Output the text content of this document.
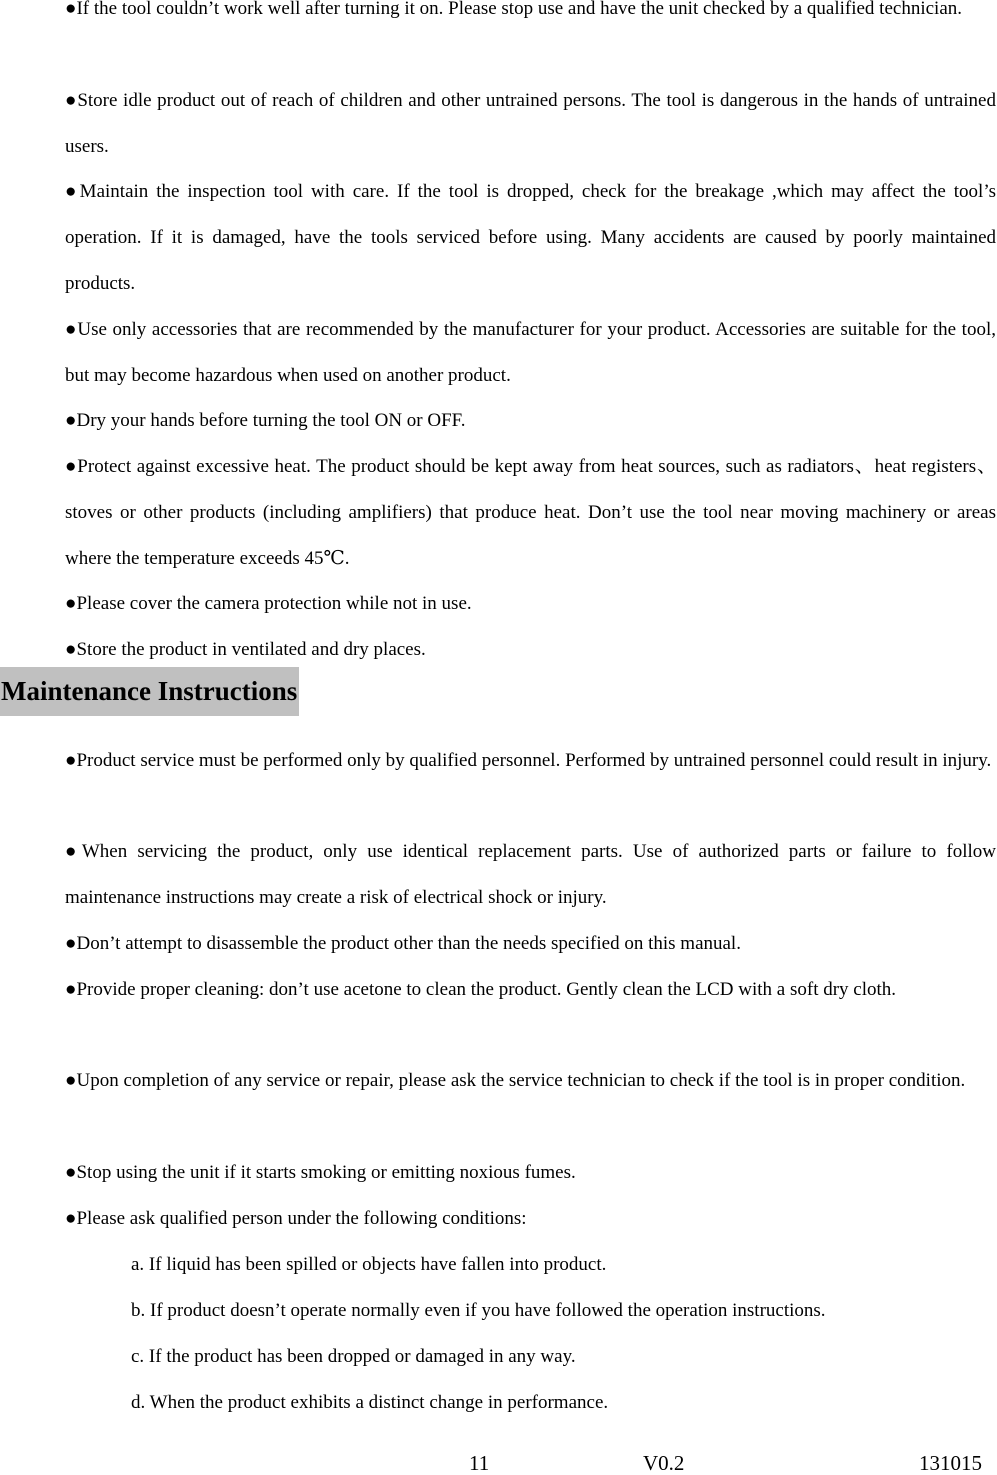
●If the tool couldn’t work well after turning it on. Please stop use and have the unit checked by a qualified technician.

●Store idle product out of reach of children and other untrained persons. The tool is dangerous in the hands of untrained users.

●Maintain the inspection tool with care. If the tool is dropped, check for the breakage ,which may affect the tool’s operation. If it is damaged, have the tools serviced before using. Many accidents are caused by poorly maintained products.

●Use only accessories that are recommended by the manufacturer for your product. Accessories are suitable for the tool, but may become hazardous when used on another product.

●Dry your hands before turning the tool ON or OFF.

●Protect against excessive heat. The product should be kept away from heat sources, such as radiators、heat registers、stoves or other products (including amplifiers) that produce heat. Don’t use the tool near moving machinery or areas where the temperature exceeds 45℃.

●Please cover the camera protection while not in use.

●Store the product in ventilated and dry places.

Maintenance Instructions

●Product service must be performed only by qualified personnel. Performed by untrained personnel could result in injury.

●When servicing the product, only use identical replacement parts. Use of authorized parts or failure to follow maintenance instructions may create a risk of electrical shock or injury.

●Don’t attempt to disassemble the product other than the needs specified on this manual.

●Provide proper cleaning: don’t use acetone to clean the product. Gently clean the LCD with a soft dry cloth.

●Upon completion of any service or repair, please ask the service technician to check if the tool is in proper condition.

●Stop using the unit if it starts smoking or emitting noxious fumes.

●Please ask qualified person under the following conditions:

a. If liquid has been spilled or objects have fallen into product.

b. If product doesn’t operate normally even if you have followed the operation instructions.

c. If the product has been dropped or damaged in any way.

d. When the product exhibits a distinct change in performance.

11	V0.2	131015
